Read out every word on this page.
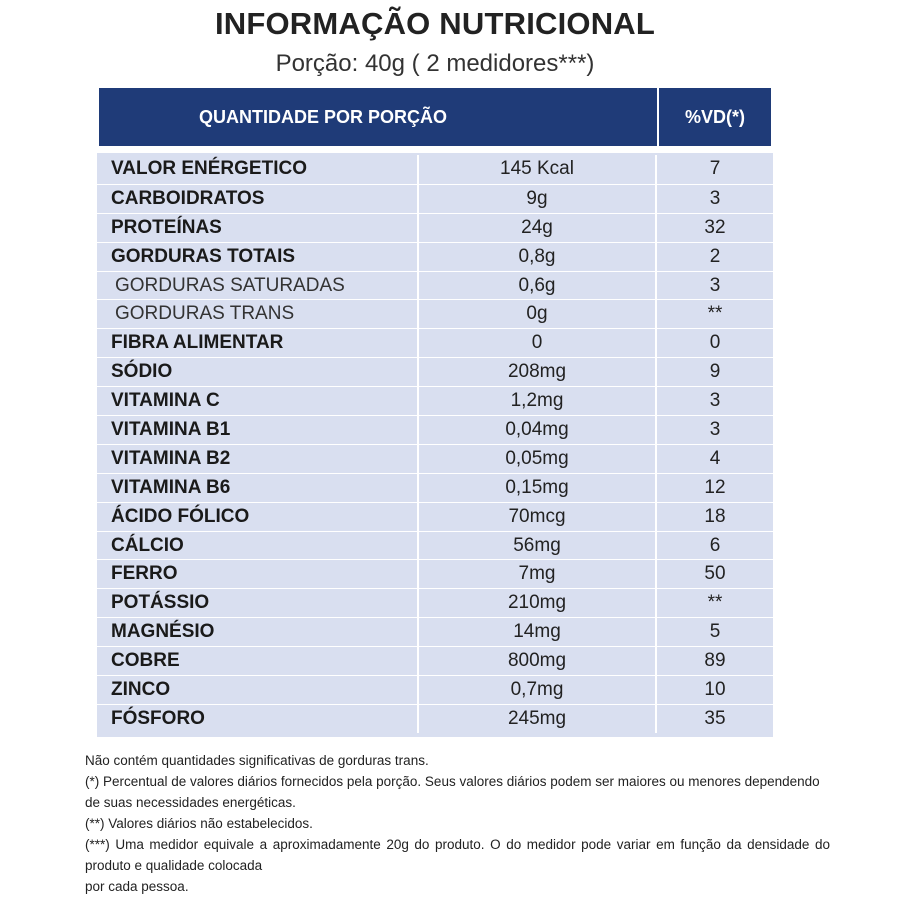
INFORMAÇÃO NUTRICIONAL
Porção: 40g ( 2 medidores***)
QUANTIDADE POR PORÇÃO	%VD(*)
VALOR ENÉRGETICO	145 Kcal	7
CARBOIDRATOS	9g	3
PROTEÍNAS	24g	32
GORDURAS TOTAIS	0,8g	2
GORDURAS SATURADAS	0,6g	3
GORDURAS TRANS	0g	**
FIBRA ALIMENTAR	0	0
SÓDIO	208mg	9
VITAMINA C	1,2mg	3
VITAMINA B1	0,04mg	3
VITAMINA B2	0,05mg	4
VITAMINA B6	0,15mg	12
ÁCIDO FÓLICO	70mcg	18
CÁLCIO	56mg	6
FERRO	7mg	50
POTÁSSIO	210mg	**
MAGNÉSIO	14mg	5
COBRE	800mg	89
ZINCO	0,7mg	10
FÓSFORO	245mg	35

Não contém quantidades significativas de gorduras trans.

(*) Percentual de valores diários fornecidos pela porção. Seus valores diários podem ser maiores ou menores dependendo de suas necessidades energéticas.

(**) Valores diários não estabelecidos.

(***) Uma medidor equivale a aproximadamente 20g do produto. O do medidor pode variar em função da densidade do produto e qualidade colocada

por cada pessoa.
